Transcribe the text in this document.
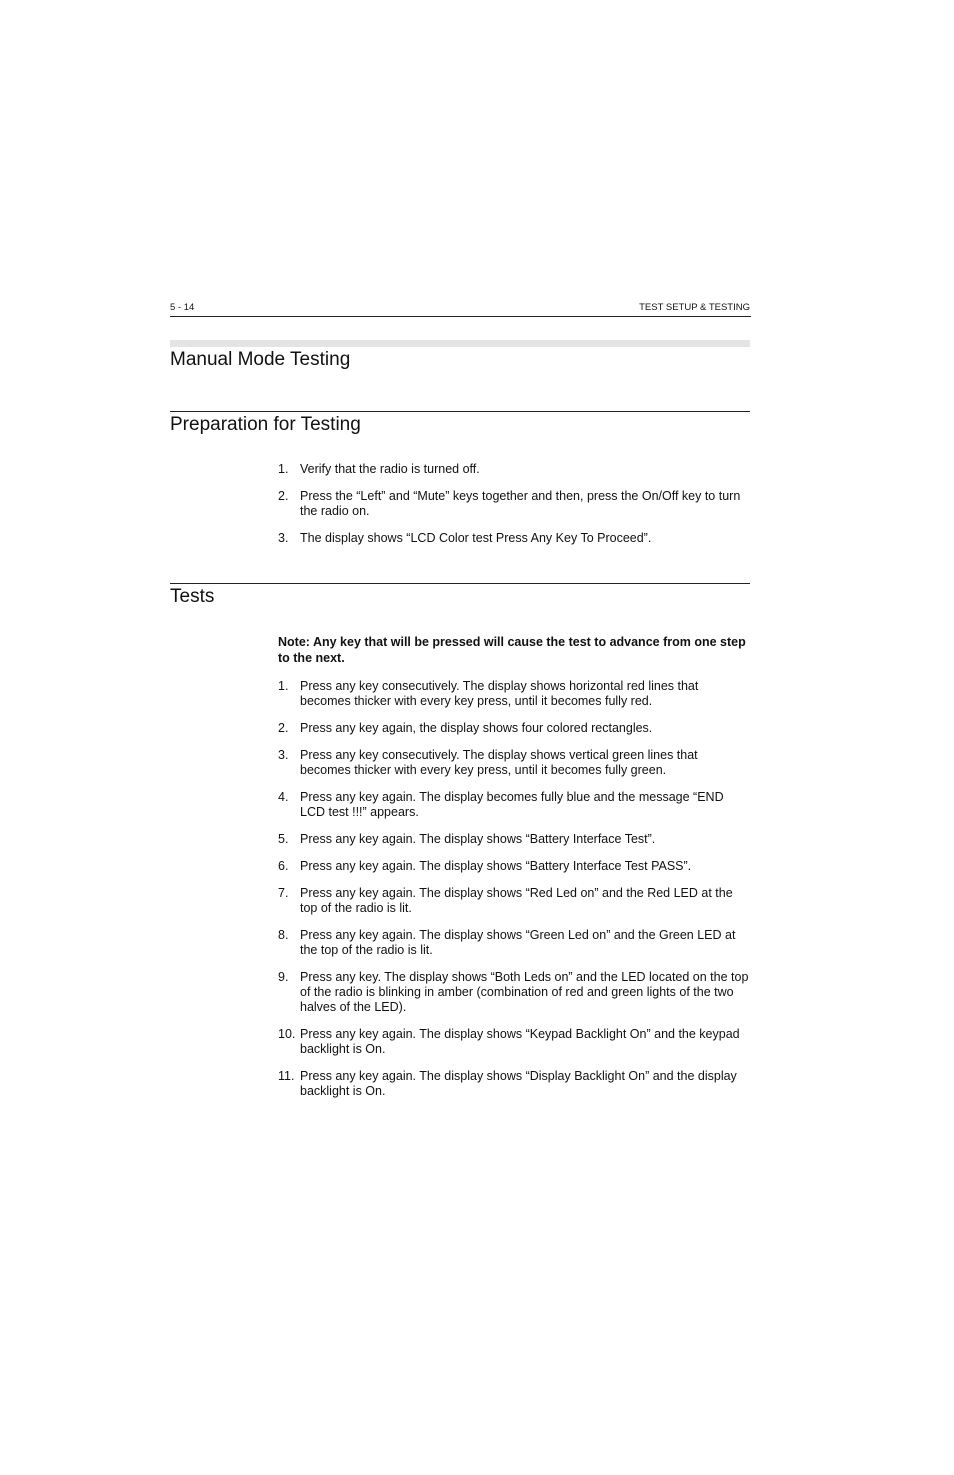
5 - 14	TEST SETUP & TESTING
Manual Mode Testing
Preparation for Testing
1. Verify that the radio is turned off.
2. Press the “Left” and “Mute” keys together and then, press the On/Off key to turn the radio on.
3. The display shows “LCD Color test Press Any Key To Proceed”.
Tests

Note: Any key that will be pressed will cause the test to advance from one step to the next.

1. Press any key consecutively. The display shows horizontal red lines that becomes thicker with every key press, until it becomes fully red.
2. Press any key again, the display shows four colored rectangles.
3. Press any key consecutively. The display shows vertical green lines that becomes thicker with every key press, until it becomes fully green.
4. Press any key again. The display becomes fully blue and the message “END LCD test !!!” appears.
5. Press any key again. The display shows “Battery Interface Test”.
6. Press any key again. The display shows “Battery Interface Test PASS”.
7. Press any key again. The display shows “Red Led on” and the Red LED at the top of the radio is lit.
8. Press any key again. The display shows “Green Led on” and the Green LED at the top of the radio is lit.
9. Press any key. The display shows “Both Leds on” and the LED located on the top of the radio is blinking in amber (combination of red and green lights of the two halves of the LED).
10. Press any key again. The display shows “Keypad Backlight On” and the keypad backlight is On.
11. Press any key again. The display shows “Display Backlight On” and the display backlight is On.
